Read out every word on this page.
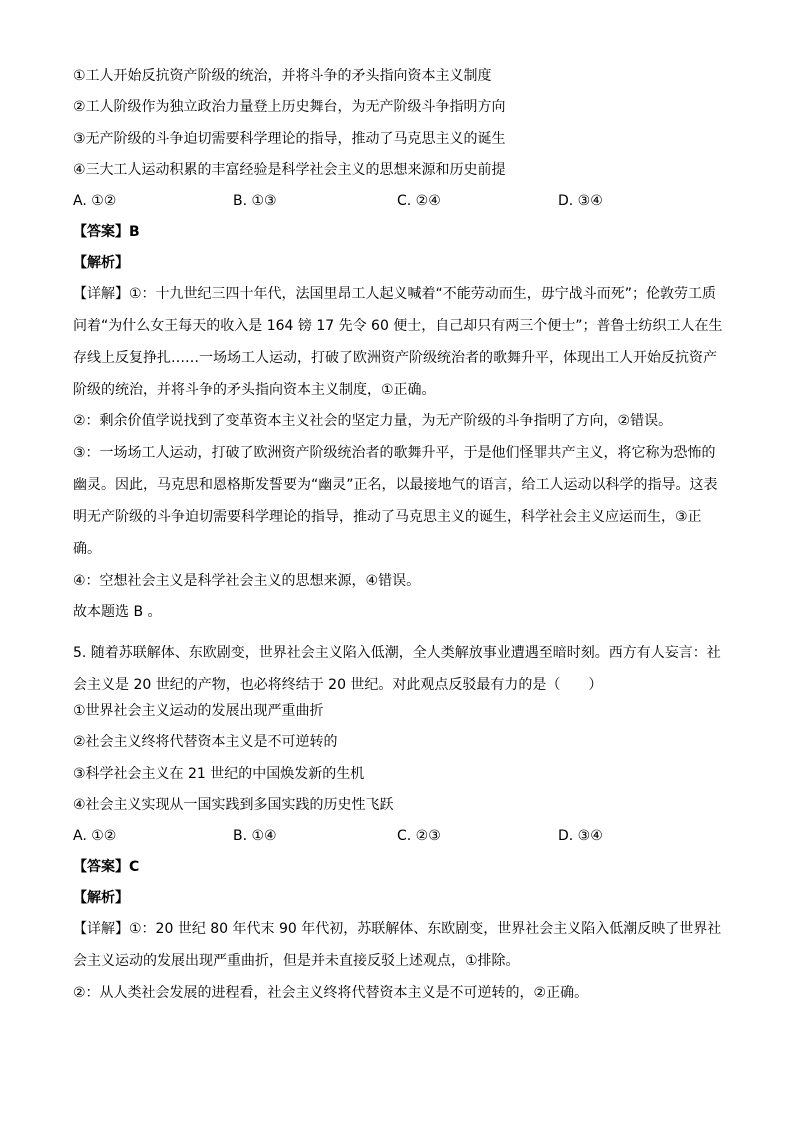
①工人开始反抗资产阶级的统治，并将斗争的矛头指向资本主义制度
②工人阶级作为独立政治力量登上历史舞台，为无产阶级斗争指明方向
③无产阶级的斗争迫切需要科学理论的指导，推动了马克思主义的诞生
④三大工人运动积累的丰富经验是科学社会主义的思想来源和历史前提
A. ①②	B. ①③	C. ②④	D. ③④
【答案】B
【解析】
【详解】①：十九世纪三四十年代，法国里昂工人起义喊着“不能劳动而生，毋宁战斗而死”；伦敦劳工质问着“为什么女王每天的收入是 164 镑 17 先令 60 便士，自己却只有两三个便士”；普鲁士纺织工人在生存线上反复挣扎……一场场工人运动，打破了欧洲资产阶级统治者的歌舞升平，体现出工人开始反抗资产阶级的统治，并将斗争的矛头指向资本主义制度，①正确。
②：剩余价值学说找到了变革资本主义社会的坚定力量，为无产阶级的斗争指明了方向，②错误。
③：一场场工人运动，打破了欧洲资产阶级统治者的歌舞升平，于是他们怪罪共产主义，将它称为恐怖的幽灵。因此，马克思和恩格斯发誓要为“幽灵”正名，以最接地气的语言，给工人运动以科学的指导。这表明无产阶级的斗争迫切需要科学理论的指导，推动了马克思主义的诞生，科学社会主义应运而生，③正确。
④：空想社会主义是科学社会主义的思想来源，④错误。
故本题选 B 。
5. 随着苏联解体、东欧剧变，世界社会主义陷入低潮，全人类解放事业遭遇至暗时刻。西方有人妄言：社会主义是 20 世纪的产物，也必将终结于 20 世纪。对此观点反驳最有力的是（　　）
①世界社会主义运动的发展出现严重曲折
②社会主义终将代替资本主义是不可逆转的
③科学社会主义在 21 世纪的中国焕发新的生机
④社会主义实现从一国实践到多国实践的历史性飞跃
A. ①②	B. ①④	C. ②③	D. ③④
【答案】C
【解析】
【详解】①：20 世纪 80 年代末 90 年代初，苏联解体、东欧剧变，世界社会主义陷入低潮反映了世界社会主义运动的发展出现严重曲折，但是并未直接反驳上述观点，①排除。
②：从人类社会发展的进程看，社会主义终将代替资本主义是不可逆转的，②正确。
